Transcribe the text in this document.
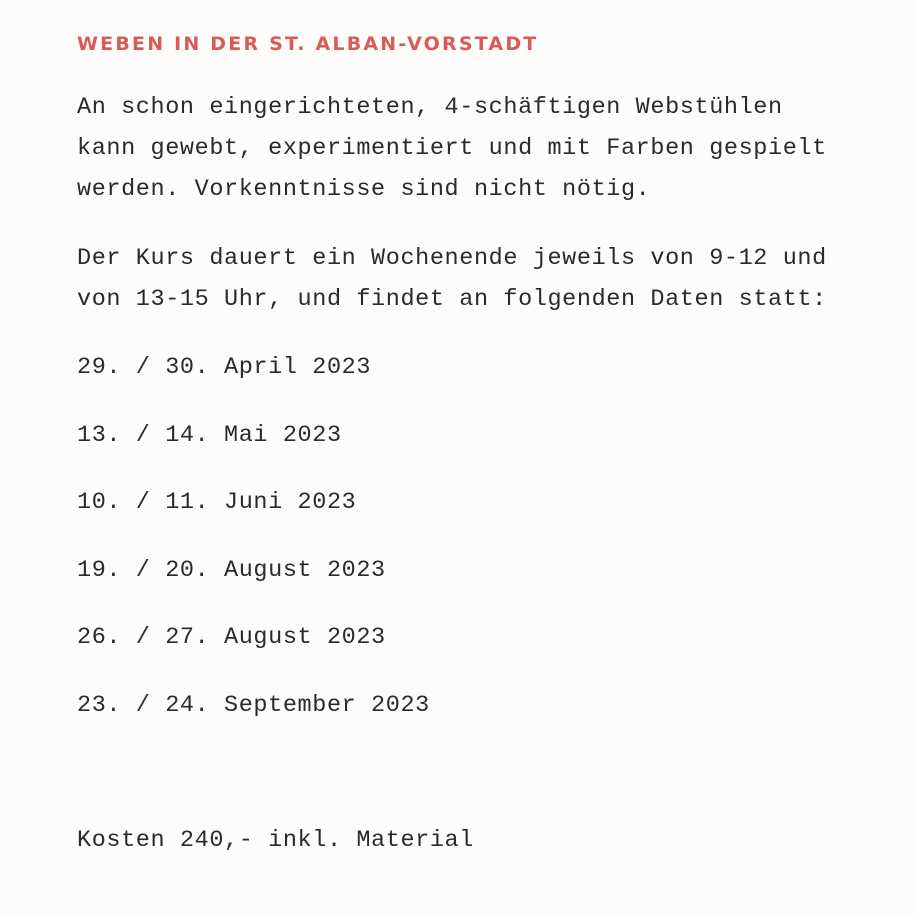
WEBEN IN DER ST. ALBAN-VORSTADT

An schon eingerichteten, 4-schäftigen Webstühlen

kann gewebt, experimentiert und mit Farben gespielt

werden. Vorkenntnisse sind nicht nötig.

Der Kurs dauert ein Wochenende jeweils von 9-12 und

von 13-15 Uhr, und findet an folgenden Daten statt:

29. / 30. April 2023

13. / 14. Mai 2023

10. / 11. Juni 2023

19. / 20. August 2023

26. / 27. August 2023

23. / 24. September 2023

Kosten 240,- inkl. Material
